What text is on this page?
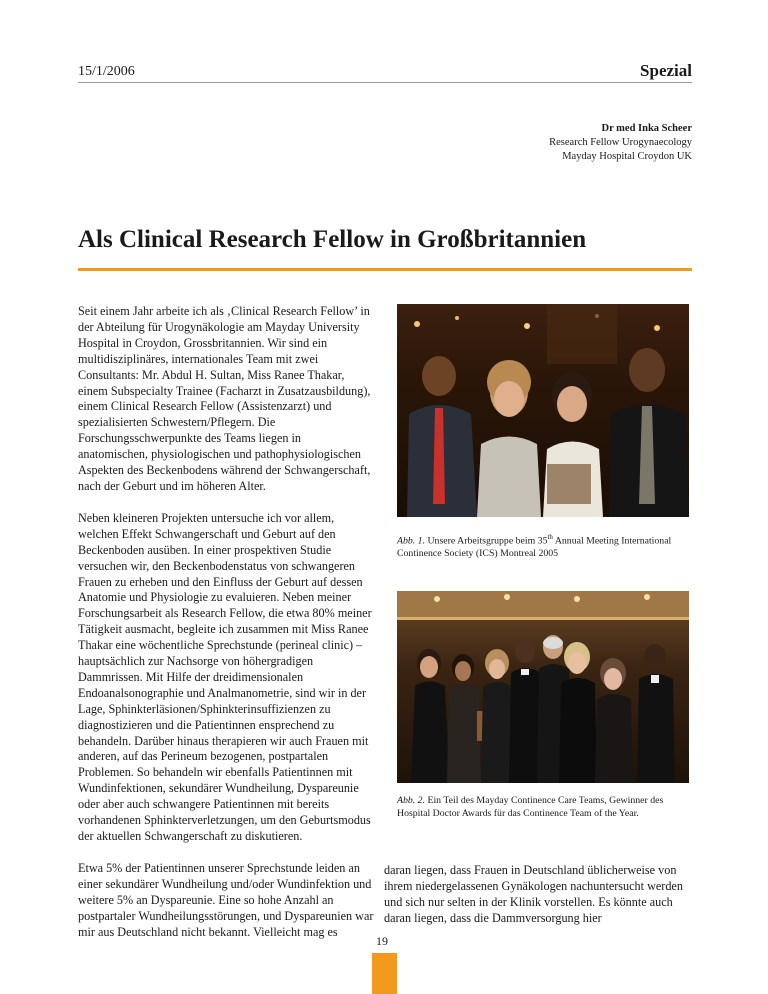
15/1/2006	Spezial
Dr med Inka Scheer
Research Fellow Urogynaecology
Mayday Hospital Croydon UK
Als Clinical Research Fellow in Großbritannien

Seit einem Jahr arbeite ich als ‚Clinical Research Fellow’ in der Abteilung für Urogynäkologie am Mayday University Hospital in Croydon, Grossbritannien. Wir sind ein multidisziplinäres, internationales Team mit zwei Consultants: Mr. Abdul H. Sultan, Miss Ranee Thakar, einem Subspecialty Trainee (Facharzt in Zusatzausbildung), einem Clinical Research Fellow (Assistenzarzt) und spezialisierten Schwestern/Pflegern. Die Forschungsschwerpunkte des Teams liegen in anatomischen, physiologischen und pathophysiologischen Aspekten des Beckenbodens während der Schwangerschaft, nach der Geburt und im höheren Alter.

Neben kleineren Projekten untersuche ich vor allem, welchen Effekt Schwangerschaft und Geburt auf den Beckenboden ausüben. In einer prospektiven Studie versuchen wir, den Beckenbodenstatus von schwangeren Frauen zu erheben und den Einfluss der Geburt auf dessen Anatomie und Physiologie zu evaluieren. Neben meiner Forschungsarbeit als Research Fellow, die etwa 80% meiner Tätigkeit ausmacht, begleite ich zusammen mit Miss Ranee Thakar eine wöchentliche Sprechstunde (perineal clinic) – hauptsächlich zur Nachsorge von höhergradigen Dammrissen. Mit Hilfe der dreidimensionalen Endoanalsonographie und Analmanometrie, sind wir in der Lage, Sphinkterläsionen/Sphinkterinsuffizienzen zu diagnostizieren und die Patientinnen ensprechend zu behandeln. Darüber hinaus therapieren wir auch Frauen mit anderen, auf das Perineum bezogenen, postpartalen Problemen. So behandeln wir ebenfalls Patientinnen mit Wundinfektionen, sekundärer Wundheilung, Dyspareunie oder aber auch schwangere Patientinnen mit bereits vorhandenen Sphinkterverletzungen, um den Geburtsmodus der aktuellen Schwangerschaft zu diskutieren.

Etwa 5% der Patientinnen unserer Sprechstunde leiden an einer sekundärer Wundheilung und/oder Wundinfektion und weitere 5% an Dyspareunie. Eine so hohe Anzahl an postpartaler Wundheilungsstörungen, und Dyspareunien war mir aus Deutschland nicht bekannt. Vielleicht mag es

Abb. 1. Unsere Arbeitsgruppe beim 35th Annual Meeting International Continence Society (ICS) Montreal 2005
Abb. 2. Ein Teil des Mayday Continence Care Teams, Gewinner des Hospital Doctor Awards für das Continence Team of the Year.

daran liegen, dass Frauen in Deutschland üblicherweise von ihrem niedergelassenen Gynäkologen nachuntersucht werden und sich nur selten in der Klinik vorstellen. Es könnte auch daran liegen, dass die Dammversorgung hier

19
